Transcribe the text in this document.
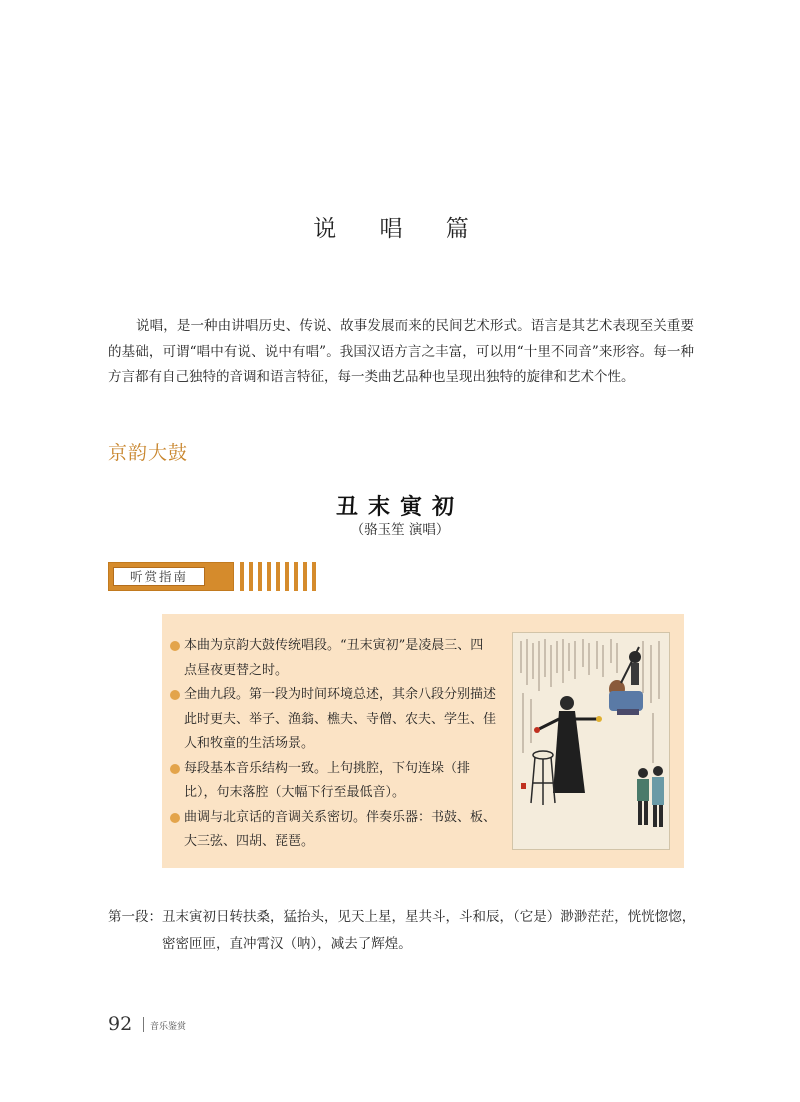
说 唱 篇

说唱，是一种由讲唱历史、传说、故事发展而来的民间艺术形式。语言是其艺术表现至关重要的基础，可谓“唱中有说、说中有唱”。我国汉语方言之丰富，可以用“十里不同音”来形容。每一种方言都有自己独特的音调和语言特征，每一类曲艺品种也呈现出独特的旋律和艺术个性。

京韵大鼓
丑末寅初
（骆玉笙 演唱）
听赏指南
本曲为京韵大鼓传统唱段。“丑末寅初”是凌晨三、四点昼夜更替之时。
全曲九段。第一段为时间环境总述，其余八段分别描述此时更夫、举子、渔翁、樵夫、寺僧、农夫、学生、佳人和牧童的生活场景。
每段基本音乐结构一致。上句挑腔，下句连垛（排比），句末落腔（大幅下行至最低音）。
曲调与北京话的音调关系密切。伴奏乐器：书鼓、板、大三弦、四胡、琵琶。
第一段： 丑末寅初日转扶桑，猛抬头，见天上星，星共斗，斗和辰，（它是）渺渺茫茫，恍恍惚惚，密密匝匝，直冲霄汉（呐），减去了辉煌。
92 音乐鉴赏
